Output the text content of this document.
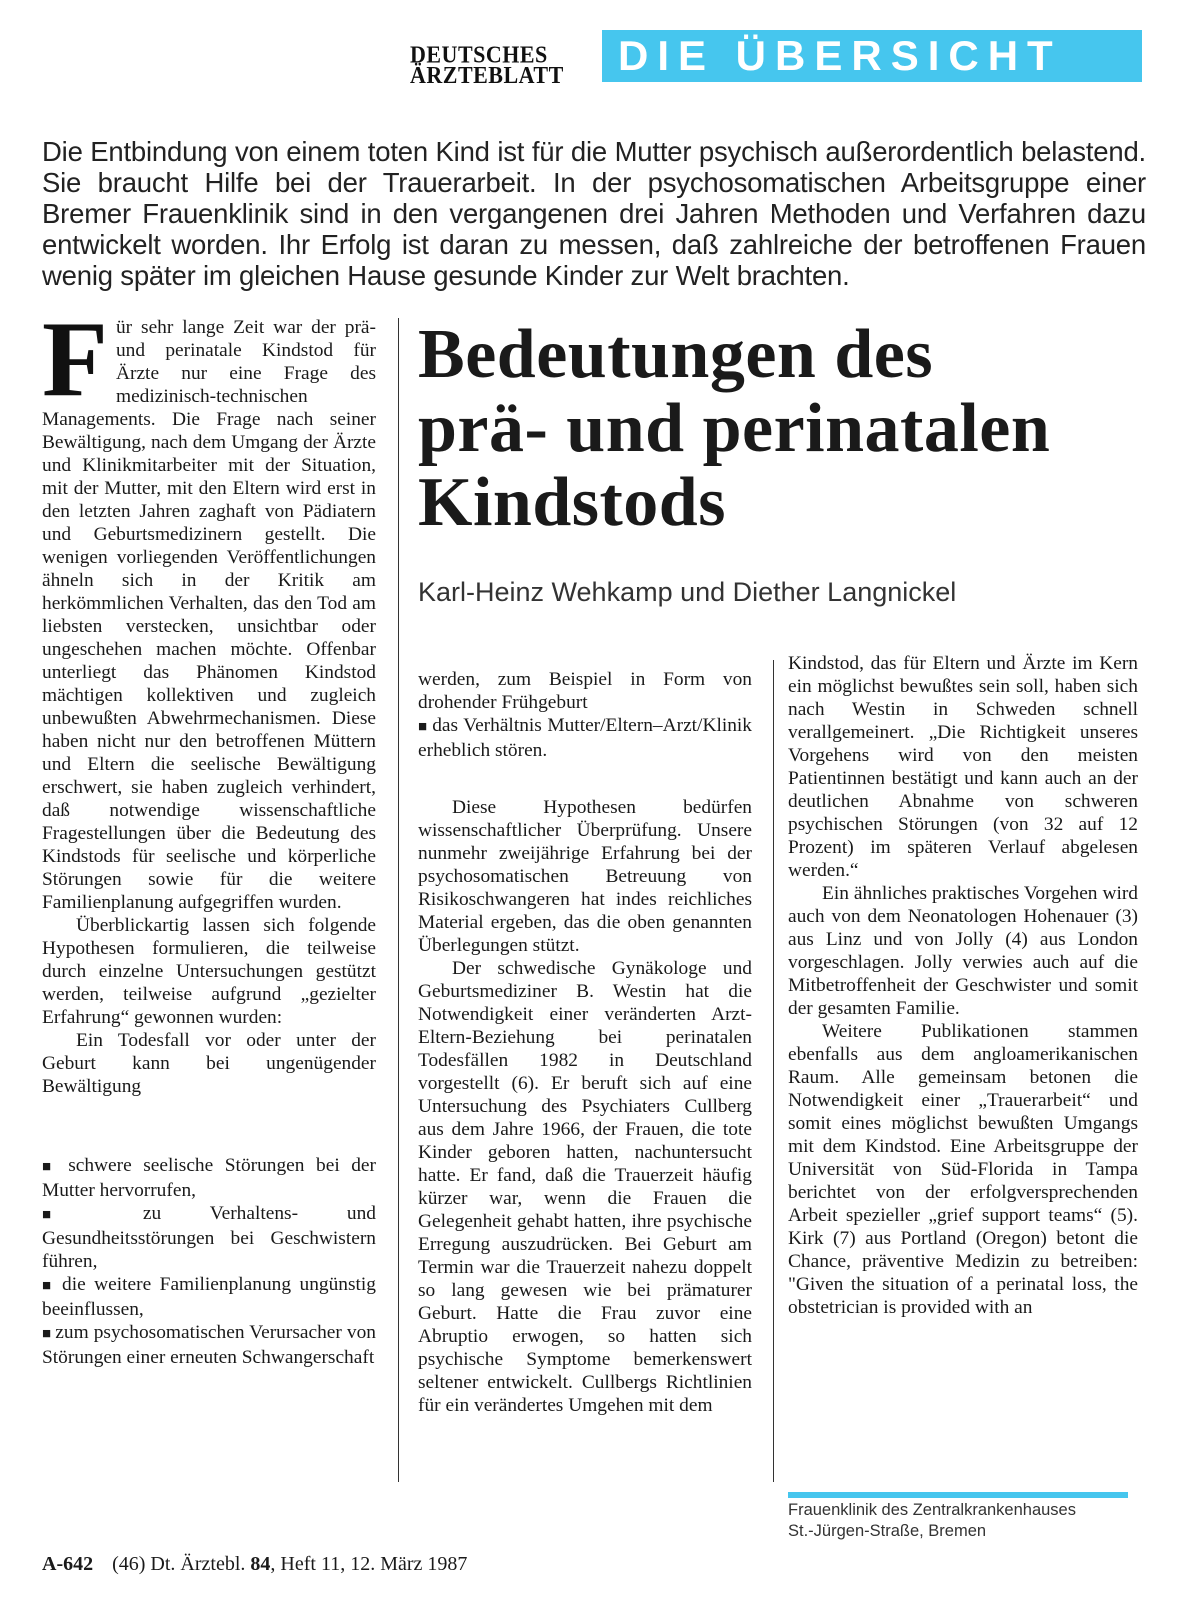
DEUTSCHES
ÄRZTEBLATT	DIE ÜBERSICHT

Die Entbindung von einem toten Kind ist für die Mutter psychisch außerordentlich belastend. Sie braucht Hilfe bei der Trauerarbeit. In der psychosomatischen Arbeitsgruppe einer Bremer Frauenklinik sind in den vergangenen drei Jahren Methoden und Verfahren dazu entwickelt worden. Ihr Erfolg ist daran zu messen, daß zahlreiche der betroffenen Frauen wenig später im gleichen Hause gesunde Kinder zur Welt brachten.

Für sehr lange Zeit war der prä- und perinatale Kindstod für Ärzte nur eine Frage des medizinisch-technischen Managements. Die Frage nach seiner Bewältigung, nach dem Umgang der Ärzte und Klinikmitarbeiter mit der Situation, mit der Mutter, mit den Eltern wird erst in den letzten Jahren zaghaft von Pädiatern und Geburtsmedizinern gestellt. Die wenigen vorliegenden Veröffentlichungen ähneln sich in der Kritik am herkömmlichen Verhalten, das den Tod am liebsten verstecken, unsichtbar oder ungeschehen machen möchte. Offenbar unterliegt das Phänomen Kindstod mächtigen kollektiven und zugleich unbewußten Abwehrmechanismen. Diese haben nicht nur den betroffenen Müttern und Eltern die seelische Bewältigung erschwert, sie haben zugleich verhindert, daß notwendige wissenschaftliche Fragestellungen über die Bedeutung des Kindstods für seelische und körperliche Störungen sowie für die weitere Familienplanung aufgegriffen wurden.

Überblickartig lassen sich folgende Hypothesen formulieren, die teilweise durch einzelne Untersuchungen gestützt werden, teilweise aufgrund „gezielter Erfahrung“ gewonnen wurden:

Ein Todesfall vor oder unter der Geburt kann bei ungenügender Bewältigung

■ schwere seelische Störungen bei der Mutter hervorrufen,

■ zu Verhaltens- und Gesundheitsstörungen bei Geschwistern führen,

■ die weitere Familienplanung ungünstig beeinflussen,

■ zum psychosomatischen Verursacher von Störungen einer erneuten Schwangerschaft

Bedeutungen des
prä- und perinatalen
Kindstods
Karl-Heinz Wehkamp und Diether Langnickel

werden, zum Beispiel in Form von drohender Frühgeburt

■ das Verhältnis Mutter/Eltern–Arzt/Klinik erheblich stören.

Diese Hypothesen bedürfen wissenschaftlicher Überprüfung. Unsere nunmehr zweijährige Erfahrung bei der psychosomatischen Betreuung von Risikoschwangeren hat indes reichliches Material ergeben, das die oben genannten Überlegungen stützt.

Der schwedische Gynäkologe und Geburtsmediziner B. Westin hat die Notwendigkeit einer veränderten Arzt-Eltern-Beziehung bei perinatalen Todesfällen 1982 in Deutschland vorgestellt (6). Er beruft sich auf eine Untersuchung des Psychiaters Cullberg aus dem Jahre 1966, der Frauen, die tote Kinder geboren hatten, nachuntersucht hatte. Er fand, daß die Trauerzeit häufig kürzer war, wenn die Frauen die Gelegenheit gehabt hatten, ihre psychische Erregung auszudrücken. Bei Geburt am Termin war die Trauerzeit nahezu doppelt so lang gewesen wie bei prämaturer Geburt. Hatte die Frau zuvor eine Abruptio erwogen, so hatten sich psychische Symptome bemerkenswert seltener entwickelt. Cullbergs Richtlinien für ein verändertes Umgehen mit dem

Kindstod, das für Eltern und Ärzte im Kern ein möglichst bewußtes sein soll, haben sich nach Westin in Schweden schnell verallgemeinert. „Die Richtigkeit unseres Vorgehens wird von den meisten Patientinnen bestätigt und kann auch an der deutlichen Abnahme von schweren psychischen Störungen (von 32 auf 12 Prozent) im späteren Verlauf abgelesen werden.“

Ein ähnliches praktisches Vorgehen wird auch von dem Neonatologen Hohenauer (3) aus Linz und von Jolly (4) aus London vorgeschlagen. Jolly verwies auch auf die Mitbetroffenheit der Geschwister und somit der gesamten Familie.

Weitere Publikationen stammen ebenfalls aus dem angloamerikanischen Raum. Alle gemeinsam betonen die Notwendigkeit einer „Trauerarbeit“ und somit eines möglichst bewußten Umgangs mit dem Kindstod. Eine Arbeitsgruppe der Universität von Süd-Florida in Tampa berichtet von der erfolgversprechenden Arbeit spezieller „grief support teams“ (5). Kirk (7) aus Portland (Oregon) betont die Chance, präventive Medizin zu betreiben: "Given the situation of a perinatal loss, the obstetrician is provided with an

Frauenklinik des Zentralkrankenhauses
St.-Jürgen-Straße, Bremen
A-642 (46) Dt. Ärztebl. 84, Heft 11, 12. März 1987
